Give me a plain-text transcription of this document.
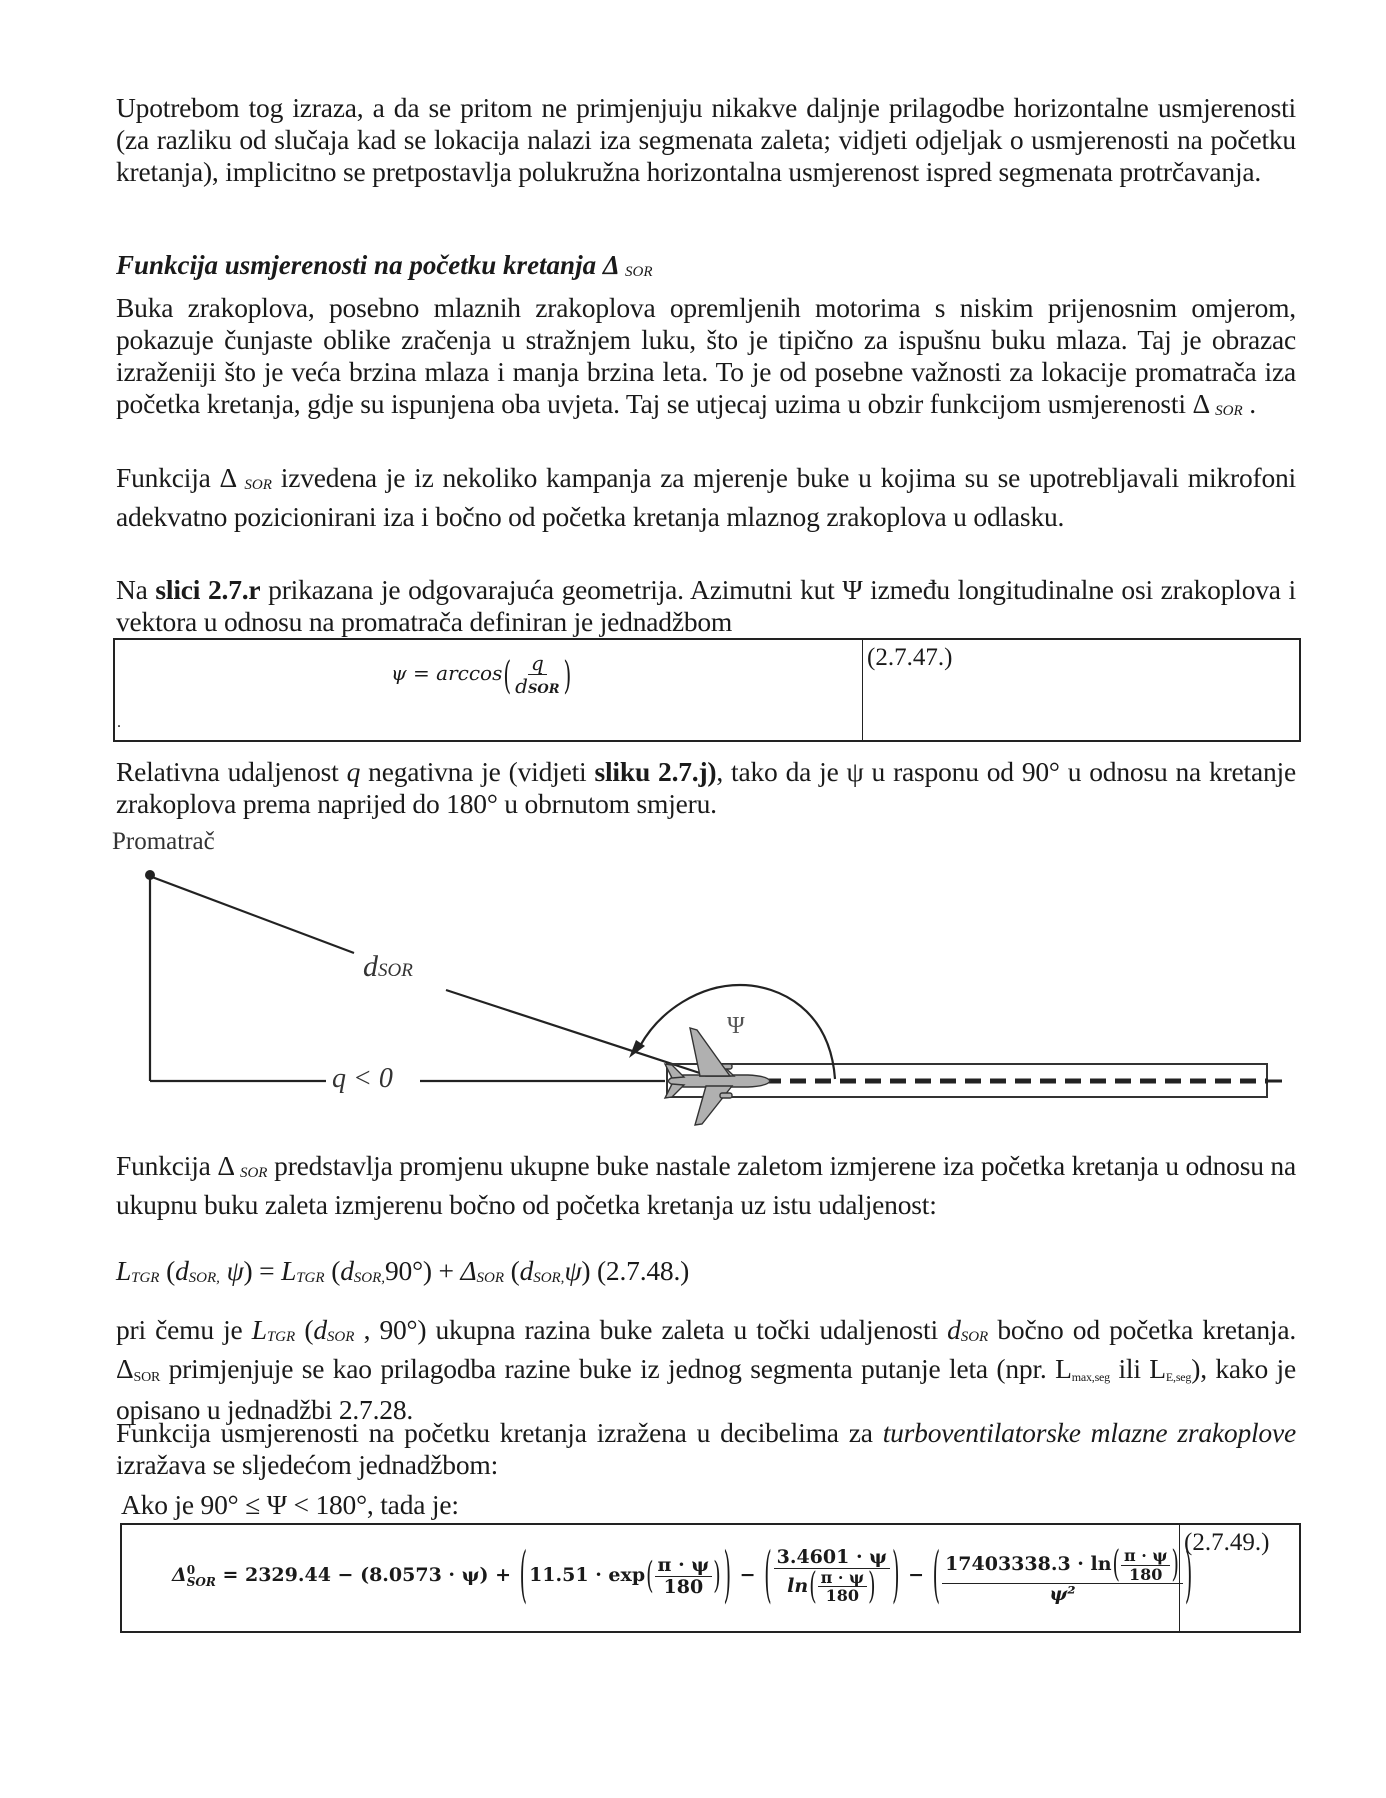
Upotrebom tog izraza, a da se pritom ne primjenjuju nikakve daljnje prilagodbe horizontalne usmjerenosti (za razliku od slučaja kad se lokacija nalazi iza segmenata zaleta; vidjeti odjeljak o usmjerenosti na početku kretanja), implicitno se pretpostavlja polukružna horizontalna usmjerenost ispred segmenata protrčavanja.

Funkcija usmjerenosti na početku kretanja Δ SOR

Buka zrakoplova, posebno mlaznih zrakoplova opremljenih motorima s niskim prijenosnim omjerom, pokazuje čunjaste oblike zračenja u stražnjem luku, što je tipično za ispušnu buku mlaza. Taj je obrazac izraženiji što je veća brzina mlaza i manja brzina leta. To je od posebne važnosti za lokacije promatrača iza početka kretanja, gdje su ispunjena oba uvjeta. Taj se utjecaj uzima u obzir funkcijom usmjerenosti Δ SOR .

Funkcija Δ SOR izvedena je iz nekoliko kampanja za mjerenje buke u kojima su se upotrebljavali mikrofoni adekvatno pozicionirani iza i bočno od početka kretanja mlaznog zrakoplova u odlasku.

Na slici 2.7.r prikazana je odgovarajuća geometrija. Azimutni kut Ψ između longitudinalne osi zrakoplova i vektora u odnosu na promatrača definiran je jednadžbom

$\psi = \arccos( \frac{q}{\text{dSOR}}$ )	(2.7.47.)
.

Relativna udaljenost q negativna je (vidjeti sliku 2.7.j), tako da je ψ u rasponu od 90° u odnosu na kretanje zrakoplova prema naprijed do 180° u obrnutom smjeru.

Promatrač
dSOR
q < 0
Ψ

Funkcija Δ SOR predstavlja promjenu ukupne buke nastale zaletom izmjerene iza početka kretanja u odnosu na ukupnu buku zaleta izmjerenu bočno od početka kretanja uz istu udaljenost:

LTGR (dSOR, ψ) = LTGR (dSOR,90°) + ΔSOR (dSOR,ψ) (2.7.48.)

pri čemu je LTGR (dSOR , 90°) ukupna razina buke zaleta u točki udaljenosti dSOR bočno od početka kretanja. ΔSOR primjenjuje se kao prilagodba razine buke iz jednog segmenta putanje leta (npr. Lmax,seg ili LE,seg), kako je opisano u jednadžbi 2.7.28.

Funkcija usmjerenosti na početku kretanja izražena u decibelima za turboventilatorske mlazne zrakoplove izražava se sljedećom jednadžbom:

Ako je 90° ≤ Ψ < 180°, tada je:

Δ 0
SOR = 2329.44 − (8.0573 · ψ) + ( $11.51 \cdot \exp( \frac{\pi \cdot \psi}{180}$ ) ) − ( $\frac{3.4601 \cdot \psi}{\ln( \frac{\pi \cdot \psi}{180} )}$ ) − ( $\frac{17403338.3 \cdot \ln( \frac{\pi \cdot \psi}{180} )}{\text{ψ²}}$ )
(2.7.49.)
